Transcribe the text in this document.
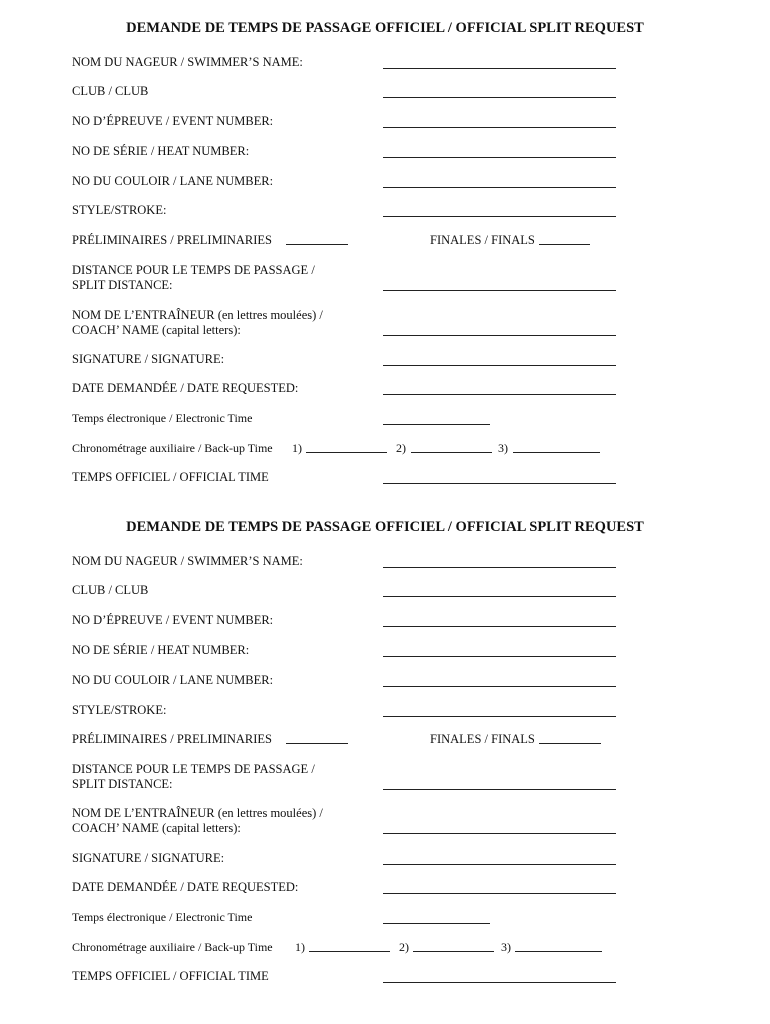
DEMANDE DE TEMPS DE PASSAGE OFFICIEL / OFFICIAL SPLIT REQUEST
NOM DU NAGEUR / SWIMMER’S NAME:
CLUB / CLUB
NO D’ÉPREUVE / EVENT NUMBER:
NO DE SÉRIE / HEAT NUMBER:
NO DU COULOIR / LANE NUMBER:
STYLE/STROKE:
PRÉLIMINAIRES / PRELIMINARIES	FINALES / FINALS
DISTANCE POUR LE TEMPS DE PASSAGE /
SPLIT DISTANCE:
NOM DE L’ENTRAÎNEUR (en lettres moulées) /
COACH’ NAME (capital letters):
SIGNATURE / SIGNATURE:
DATE DEMANDÉE / DATE REQUESTED:
Temps électronique / Electronic Time
Chronométrage auxiliaire / Back-up Time 1)	2)	3)
TEMPS OFFICIEL / OFFICIAL TIME
DEMANDE DE TEMPS DE PASSAGE OFFICIEL / OFFICIAL SPLIT REQUEST
NOM DU NAGEUR / SWIMMER’S NAME:
CLUB / CLUB
NO D’ÉPREUVE / EVENT NUMBER:
NO DE SÉRIE / HEAT NUMBER:
NO DU COULOIR / LANE NUMBER:
STYLE/STROKE:
PRÉLIMINAIRES / PRELIMINARIES	FINALES / FINALS
DISTANCE POUR LE TEMPS DE PASSAGE /
SPLIT DISTANCE:
NOM DE L’ENTRAÎNEUR (en lettres moulées) /
COACH’ NAME (capital letters):
SIGNATURE / SIGNATURE:
DATE DEMANDÉE / DATE REQUESTED:
Temps électronique / Electronic Time
Chronométrage auxiliaire / Back-up Time 1)	2)	3)
TEMPS OFFICIEL / OFFICIAL TIME
